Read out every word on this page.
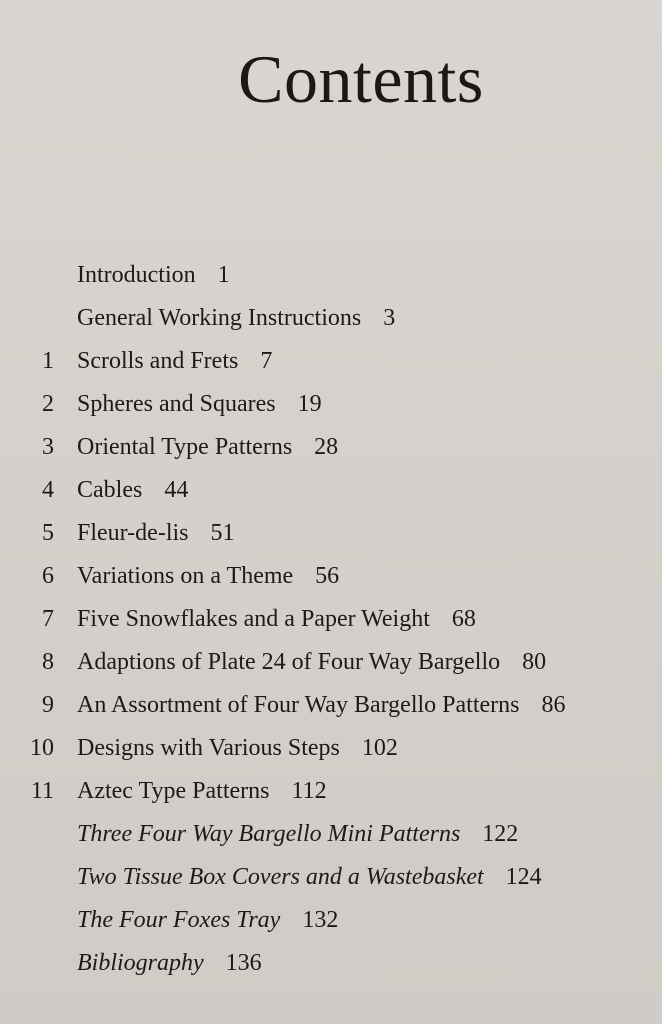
Contents
Introduction 1
General Working Instructions 3
1 Scrolls and Frets 7
2 Spheres and Squares 19
3 Oriental Type Patterns 28
4 Cables 44
5 Fleur-de-lis 51
6 Variations on a Theme 56
7 Five Snowflakes and a Paper Weight 68
8 Adaptions of Plate 24 of Four Way Bargello 80
9 An Assortment of Four Way Bargello Patterns 86
10 Designs with Various Steps 102
11 Aztec Type Patterns 112
Three Four Way Bargello Mini Patterns 122
Two Tissue Box Covers and a Wastebasket 124
The Four Foxes Tray 132
Bibliography 136
